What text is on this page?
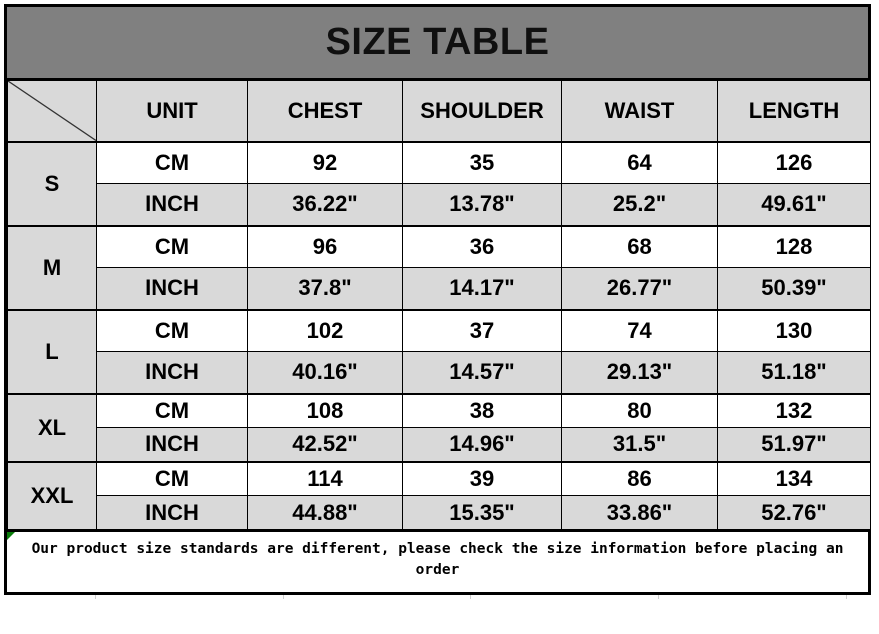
SIZE TABLE
	UNIT	CHEST	SHOULDER	WAIST	LENGTH
S	CM	92	35	64	126
	INCH	36.22"	13.78"	25.2"	49.61"
M	CM	96	36	68	128
	INCH	37.8"	14.17"	26.77"	50.39"
L	CM	102	37	74	130
	INCH	40.16"	14.57"	29.13"	51.18"
XL	CM	108	38	80	132
	INCH	42.52"	14.96"	31.5"	51.97"
XXL	CM	114	39	86	134
	INCH	44.88"	15.35"	33.86"	52.76"
Our product size standards are different, please check the size information before placing an order
